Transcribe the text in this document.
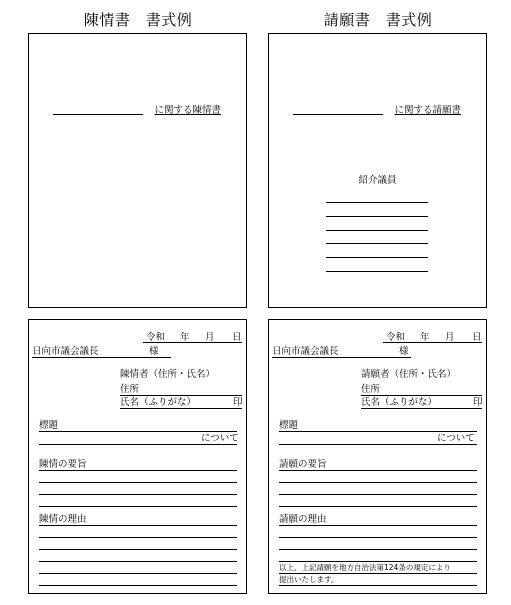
陳情書　書式例	請願書　書式例
に関する陳情書	に関する請願書
紹介議員
令和 年 月 日
日向市議会議長	様
陳情者（住所・氏名）
住所
氏名（ふりがな）	印
標題
について
陳情の要旨
陳情の理由
令和 年 月 日
日向市議会議長	様
請願者（住所・氏名）
住所
氏名（ふりがな）	印
標題
について
請願の要旨
請願の理由
以上、上記請願を地方自治法第124条の規定により
提出いたします。
